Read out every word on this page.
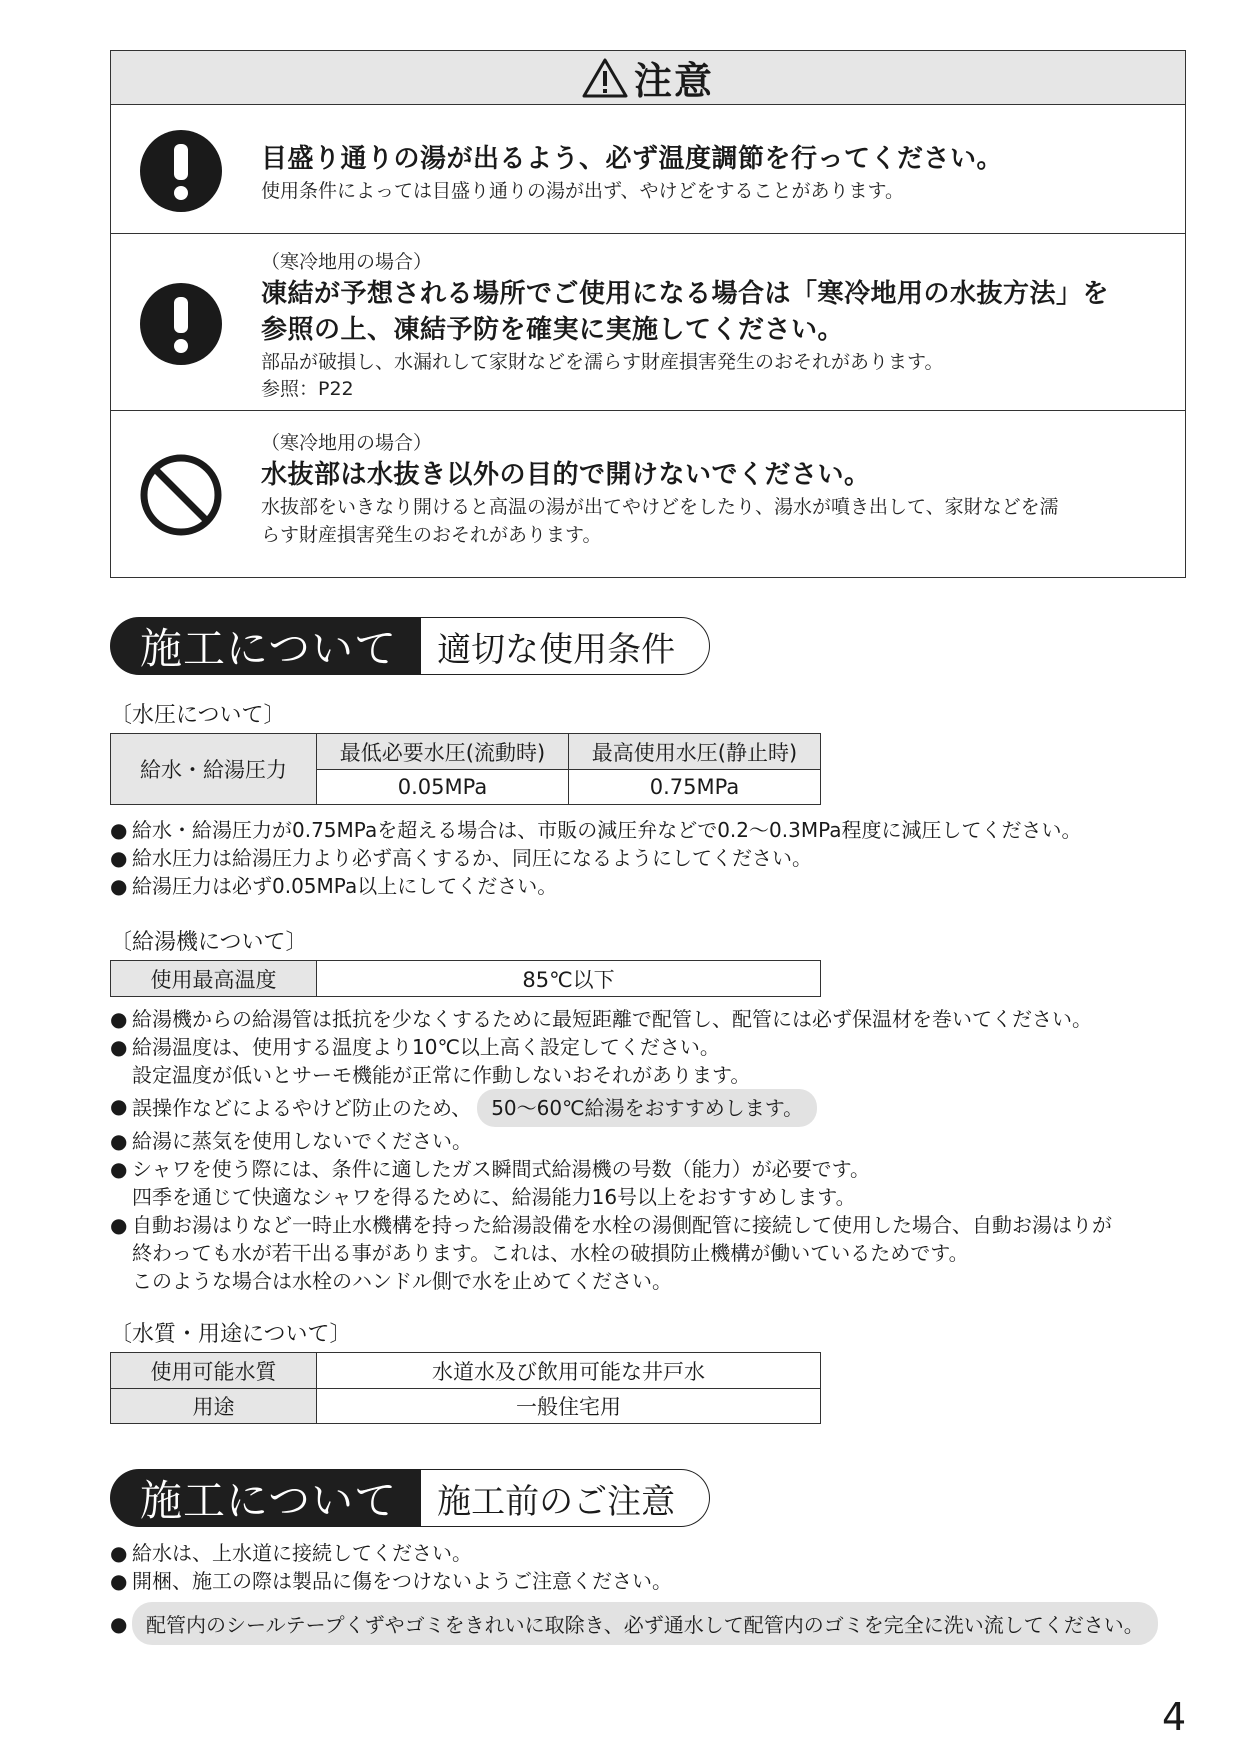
注意
目盛り通りの湯が出るよう、必ず温度調節を行ってください。
使用条件によっては目盛り通りの湯が出ず、やけどをすることがあります。
（寒冷地用の場合）
凍結が予想される場所でご使用になる場合は「寒冷地用の水抜方法」を
参照の上、凍結予防を確実に実施してください。
部品が破損し、水漏れして家財などを濡らす財産損害発生のおそれがあります。
参照：P22
（寒冷地用の場合）
水抜部は水抜き以外の目的で開けないでください。
水抜部をいきなり開けると高温の湯が出てやけどをしたり、湯水が噴き出して、家財などを濡
らす財産損害発生のおそれがあります。
施工について	適切な使用条件
〔水圧について〕
給水・給湯圧力	最低必要水圧(流動時)	最高使用水圧(静止時)
	0.05MPa	0.75MPa
● 給水・給湯圧力が0.75MPaを超える場合は、市販の減圧弁などで0.2～0.3MPa程度に減圧してください。
● 給水圧力は給湯圧力より必ず高くするか、同圧になるようにしてください。
● 給湯圧力は必ず0.05MPa以上にしてください。
〔給湯機について〕
使用最高温度	85℃以下
● 給湯機からの給湯管は抵抗を少なくするために最短距離で配管し、配管には必ず保温材を巻いてください。
● 給湯温度は、使用する温度より10℃以上高く設定してください。
設定温度が低いとサーモ機能が正常に作動しないおそれがあります。
● 誤操作などによるやけど防止のため、 50～60℃給湯をおすすめします。
● 給湯に蒸気を使用しないでください。
● シャワを使う際には、条件に適したガス瞬間式給湯機の号数（能力）が必要です。
四季を通じて快適なシャワを得るために、給湯能力16号以上をおすすめします。
● 自動お湯はりなど一時止水機構を持った給湯設備を水栓の湯側配管に接続して使用した場合、自動お湯はりが
終わっても水が若干出る事があります。これは、水栓の破損防止機構が働いているためです。
このような場合は水栓のハンドル側で水を止めてください。
〔水質・用途について〕
使用可能水質	水道水及び飲用可能な井戸水
用途	一般住宅用
施工について	施工前のご注意
● 給水は、上水道に接続してください。
● 開梱、施工の際は製品に傷をつけないようご注意ください。
● 配管内のシールテープくずやゴミをきれいに取除き、必ず通水して配管内のゴミを完全に洗い流してください。
4
